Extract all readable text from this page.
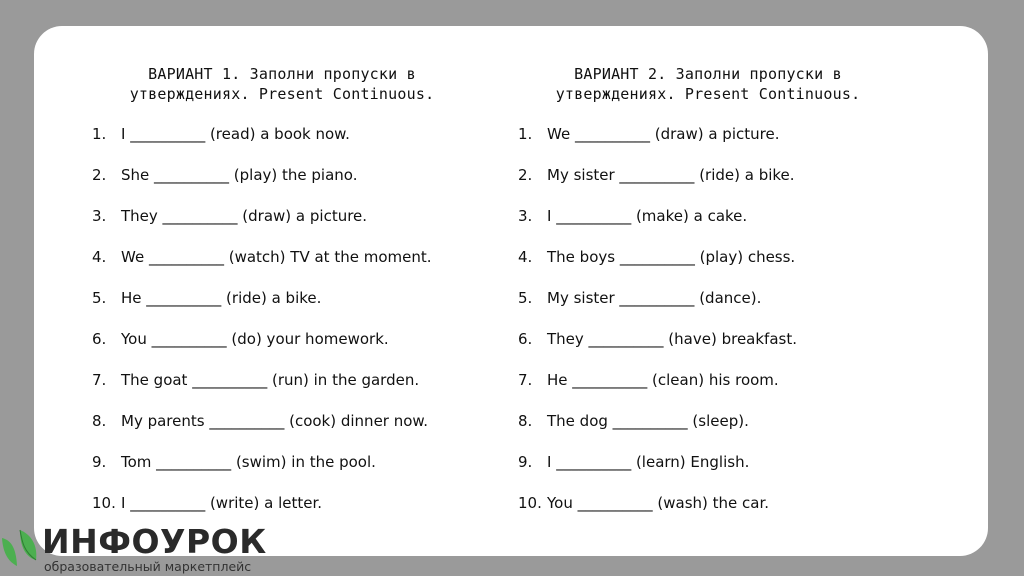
ВАРИАНТ 1. Заполни пропуски в
утверждениях. Present Continuous.
1. I __________ (read) a book now.
2. She __________ (play) the piano.
3. They __________ (draw) a picture.
4. We __________ (watch) TV at the moment.
5. He __________ (ride) a bike.
6. You __________ (do) your homework.
7. The goat __________ (run) in the garden.
8. My parents __________ (cook) dinner now.
9. Tom __________ (swim) in the pool.
10. I __________ (write) a letter.
ВАРИАНТ 2. Заполни пропуски в
утверждениях. Present Continuous.
1. We __________ (draw) a picture.
2. My sister __________ (ride) a bike.
3. I __________ (make) a cake.
4. The boys __________ (play) chess.
5. My sister __________ (dance).
6. They __________ (have) breakfast.
7. He __________ (clean) his room.
8. The dog __________ (sleep).
9. I __________ (learn) English.
10. You __________ (wash) the car.
ИНФОУРОК
образовательный маркетплейс
